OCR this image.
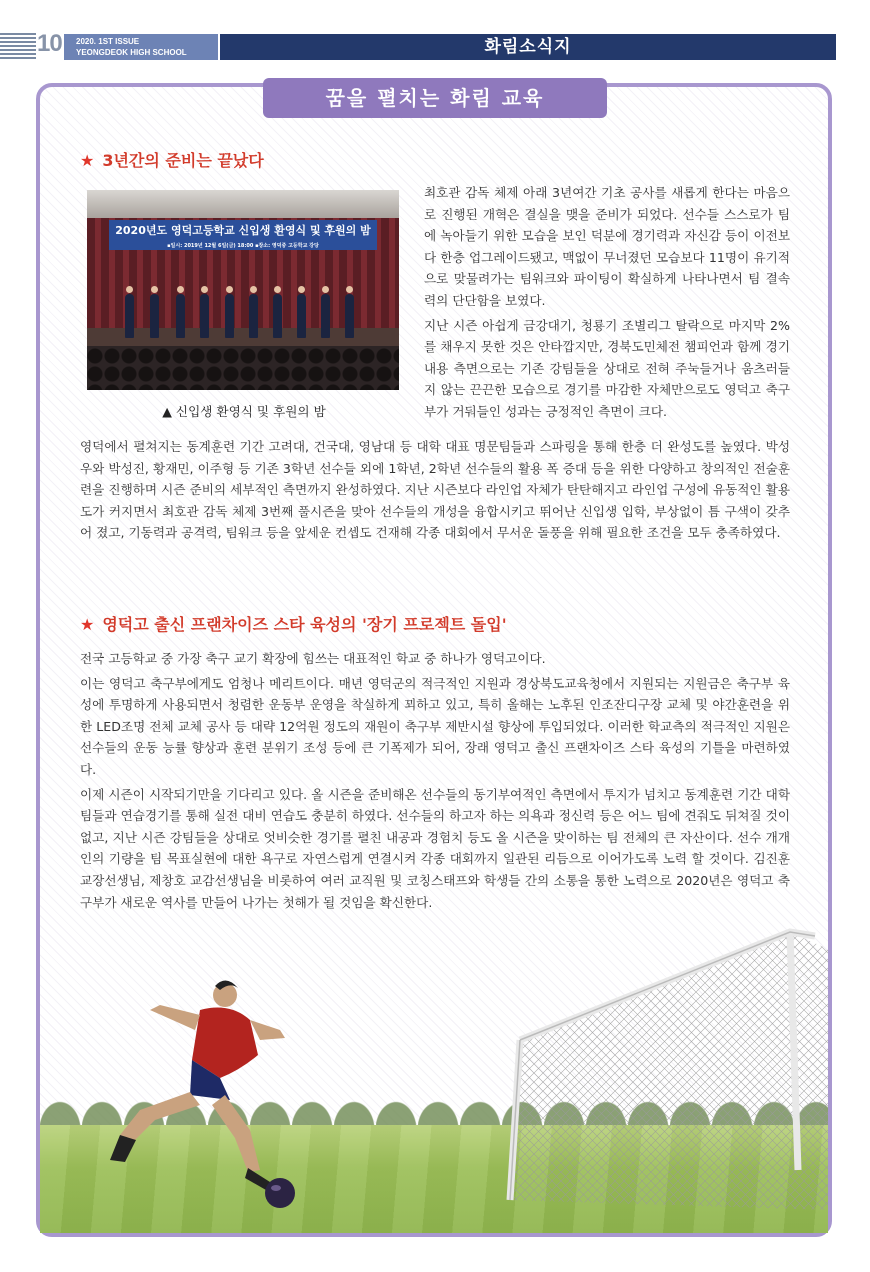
10 2020. 1ST ISSUE
YEONGDEOK HIGH SCHOOL	화림소식지
꿈을 펼치는 화림 교육
★ 3년간의 준비는 끝났다
2020년도 영덕고등학교 신입생 환영식 및 후원의 밤
▪일시: 2019년 12월 6일(금) 18:00 ▪장소: 영덕중 고등학교 강당
▲ 신입생 환영식 및 후원의 밤

최호관 감독 체제 아래 3년여간 기초 공사를 새롭게 한다는 마음으로 진행된 개혁은 결실을 맺을 준비가 되었다. 선수들 스스로가 팀에 녹아들기 위한 모습을 보인 덕분에 경기력과 자신감 등이 이전보다 한층 업그레이드됐고, 맥없이 무너졌던 모습보다 11명이 유기적으로 맞물려가는 팀워크와 파이팅이 확실하게 나타나면서 팀 결속력의 단단함을 보였다.

지난 시즌 아쉽게 금강대기, 청룡기 조별리그 탈락으로 마지막 2%를 채우지 못한 것은 안타깝지만, 경북도민체전 챔피언과 함께 경기 내용 측면으로는 기존 강팀들을 상대로 전혀 주눅들거나 움츠러들지 않는 끈끈한 모습으로 경기를 마감한 자체만으로도 영덕고 축구부가 거둬들인 성과는 긍정적인 측면이 크다.

영덕에서 펼쳐지는 동계훈련 기간 고려대, 건국대, 영남대 등 대학 대표 명문팀들과 스파링을 통해 한층 더 완성도를 높였다. 박성우와 박성진, 황재민, 이주형 등 기존 3학년 선수들 외에 1학년, 2학년 선수들의 활용 폭 증대 등을 위한 다양하고 창의적인 전술훈련을 진행하며 시즌 준비의 세부적인 측면까지 완성하였다. 지난 시즌보다 라인업 자체가 탄탄해지고 라인업 구성에 유동적인 활용도가 커지면서 최호관 감독 체제 3번째 풀시즌을 맞아 선수들의 개성을 융합시키고 뛰어난 신입생 입학, 부상없이 틈 구색이 갖추어 졌고, 기동력과 공격력, 팀워크 등을 앞세운 컨셉도 건재해 각종 대회에서 무서운 돌풍을 위해 필요한 조건을 모두 충족하였다.

★ 영덕고 출신 프랜차이즈 스타 육성의 '장기 프로젝트 돌입'

전국 고등학교 중 가장 축구 교기 확장에 힘쓰는 대표적인 학교 중 하나가 영덕고이다.

이는 영덕고 축구부에게도 엄청나 메리트이다. 매년 영덕군의 적극적인 지원과 경상북도교육청에서 지원되는 지원금은 축구부 육성에 투명하게 사용되면서 청렴한 운동부 운영을 착실하게 꾀하고 있고, 특히 올해는 노후된 인조잔디구장 교체 및 야간훈련을 위한 LED조명 전체 교체 공사 등 대략 12억원 정도의 재원이 축구부 제반시설 향상에 투입되었다. 이러한 학교측의 적극적인 지원은 선수들의 운동 능률 향상과 훈련 분위기 조성 등에 큰 기폭제가 되어, 장래 영덕고 출신 프랜차이즈 스타 육성의 기틀을 마련하였다.

이제 시즌이 시작되기만을 기다리고 있다. 올 시즌을 준비해온 선수들의 동기부여적인 측면에서 투지가 넘치고 동계훈련 기간 대학팀들과 연습경기를 통해 실전 대비 연습도 충분히 하였다. 선수들의 하고자 하는 의욕과 정신력 등은 어느 팀에 견줘도 뒤쳐질 것이 없고, 지난 시즌 강팀들을 상대로 엇비슷한 경기를 펼친 내공과 경험치 등도 올 시즌을 맞이하는 팀 전체의 큰 자산이다. 선수 개개인의 기량을 팀 목표실현에 대한 욕구로 자연스럽게 연결시켜 각종 대회까지 일관된 리듬으로 이어가도록 노력 할 것이다. 김진훈 교장선생님, 제창호 교감선생님을 비롯하여 여러 교직원 및 코칭스태프와 학생들 간의 소통을 통한 노력으로 2020년은 영덕고 축구부가 새로운 역사를 만들어 나가는 첫해가 될 것임을 확신한다.
